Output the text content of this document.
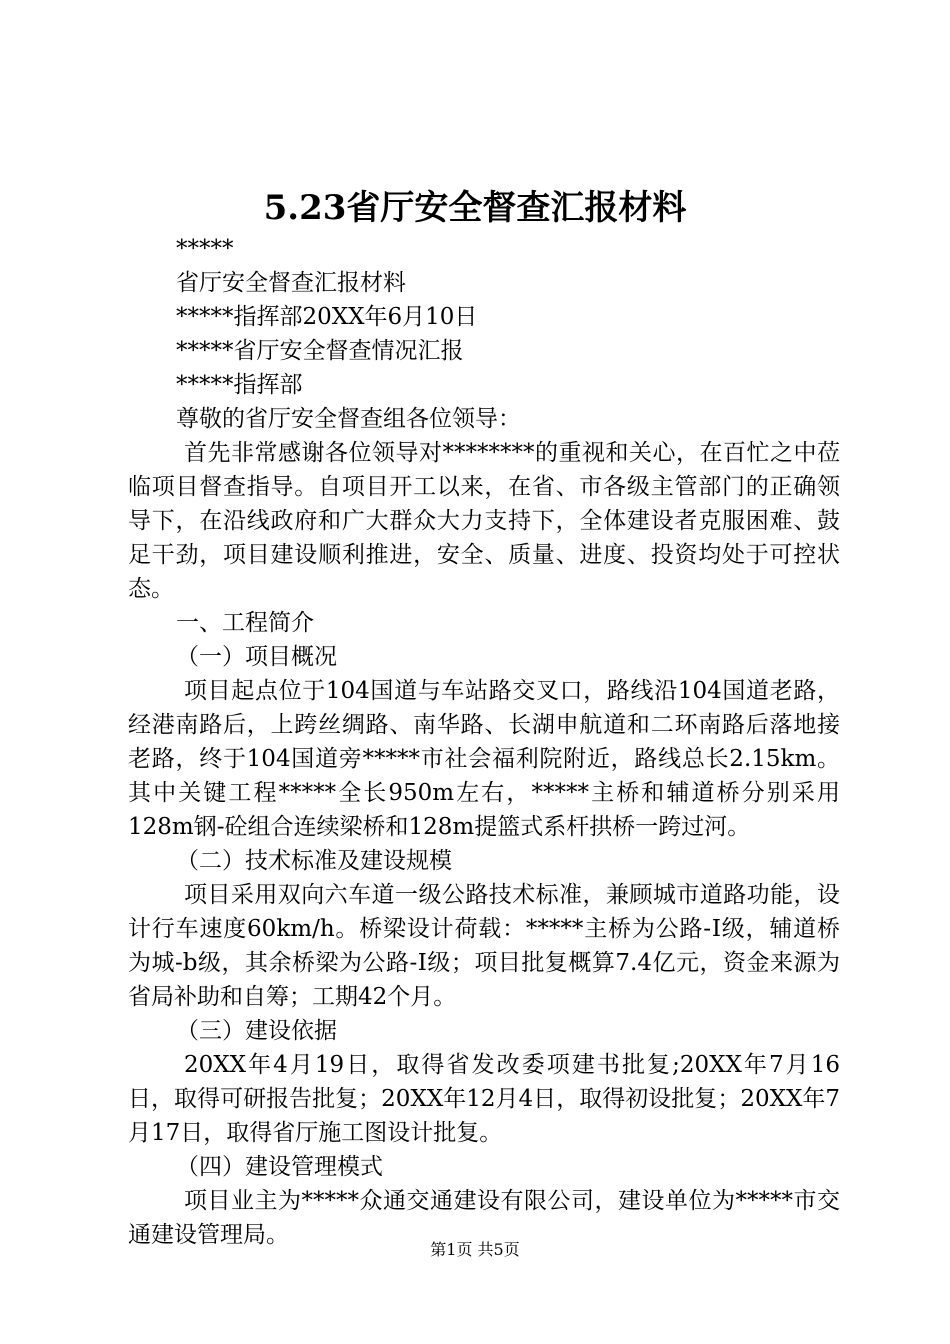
5.23省厅安全督查汇报材料

*****

省厅安全督查汇报材料

*****指挥部20XX年6月10日

*****省厅安全督查情况汇报

*****指挥部

尊敬的省厅安全督查组各位领导：

首先非常感谢各位领导对********的重视和关心，在百忙之中莅临项目督查指导。自项目开工以来，在省、市各级主管部门的正确领导下，在沿线政府和广大群众大力支持下，全体建设者克服困难、鼓足干劲，项目建设顺利推进，安全、质量、进度、投资均处于可控状态。

一、工程简介

（一）项目概况

项目起点位于104国道与车站路交叉口，路线沿104国道老路，经港南路后，上跨丝绸路、南华路、长湖申航道和二环南路后落地接老路，终于104国道旁*****市社会福利院附近，路线总长2.15km。其中关键工程*****全长950m左右，*****主桥和辅道桥分别采用128m钢-砼组合连续梁桥和128m提篮式系杆拱桥一跨过河。

（二）技术标准及建设规模

项目采用双向六车道一级公路技术标准，兼顾城市道路功能，设计行车速度60km/h。桥梁设计荷载：*****主桥为公路-Ⅰ级，辅道桥为城-b级，其余桥梁为公路-Ⅰ级；项目批复概算7.4亿元，资金来源为省局补助和自筹；工期42个月。

（三）建设依据

20XX年4月19日，取得省发改委项建书批复;20XX年7月16日，取得可研报告批复；20XX年12月4日，取得初设批复；20XX年7月17日，取得省厅施工图设计批复。

（四）建设管理模式

项目业主为*****众通交通建设有限公司，建设单位为*****市交通建设管理局。

第1页 共5页
